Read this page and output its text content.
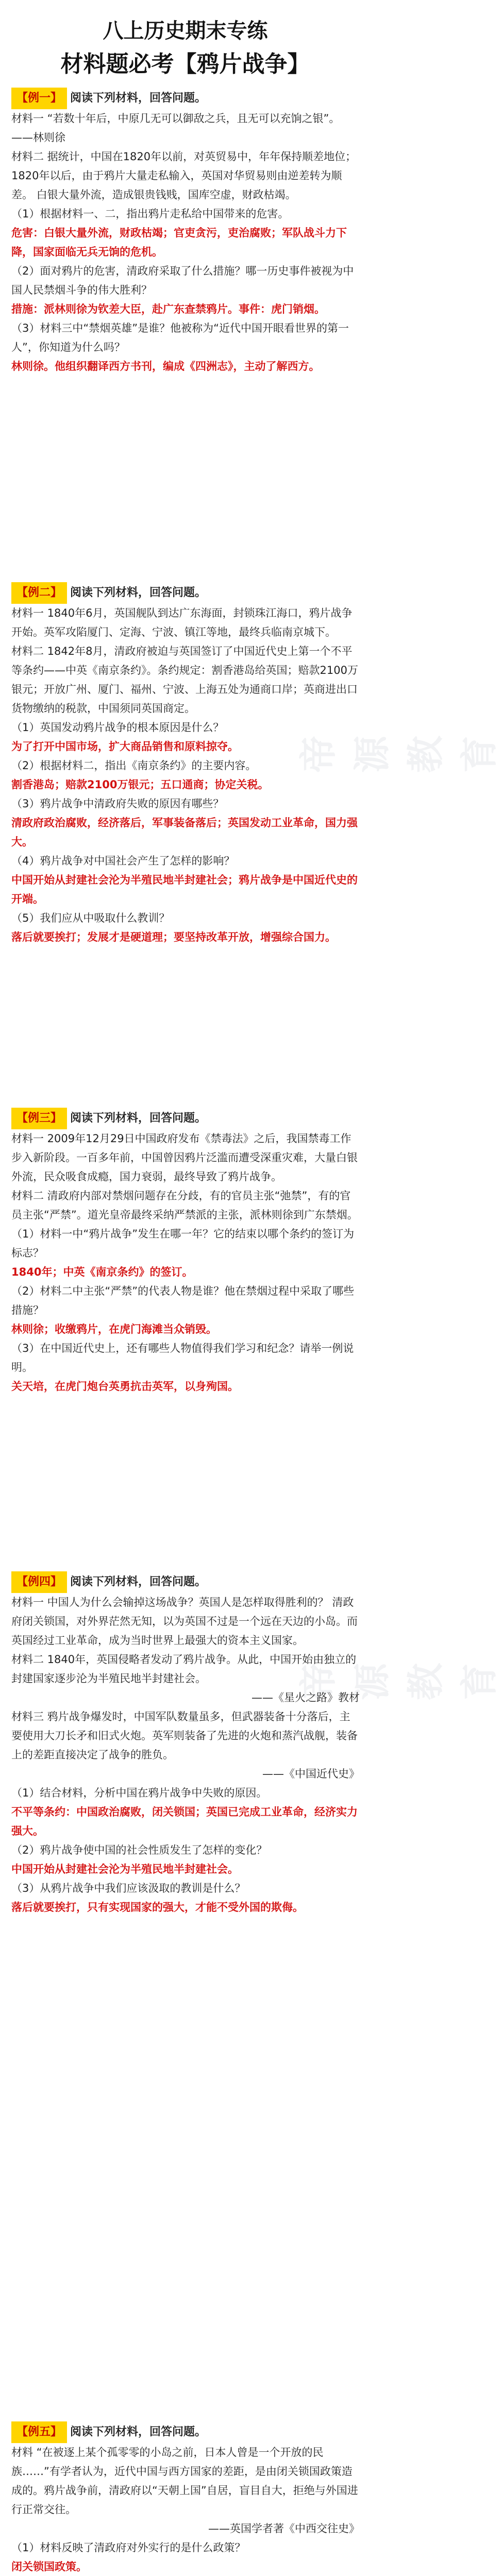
帝源教育
帝源教育
八上历史期末专练
材料题必考【鸦片战争】
【例一】 阅读下列材料，回答问题。

材料一 “若数十年后，中原几无可以御敌之兵，且无可以充饷之银”。 ——林则徐

材料二 据统计，中国在1820年以前，对英贸易中，年年保持顺差地位；1820年以后，由于鸦片大量走私输入，英国对华贸易则由逆差转为顺差。 白银大量外流，造成银贵钱贱，国库空虚，财政枯竭。

（1）根据材料一、二，指出鸦片走私给中国带来的危害。

危害：白银大量外流，财政枯竭；官吏贪污，吏治腐败；军队战斗力下降，国家面临无兵无饷的危机。

（2）面对鸦片的危害，清政府采取了什么措施？哪一历史事件被视为中国人民禁烟斗争的伟大胜利？

措施：派林则徐为钦差大臣，赴广东查禁鸦片。事件：虎门销烟。

（3）材料三中“禁烟英雄”是谁？他被称为“近代中国开眼看世界的第一人”，你知道为什么吗？

林则徐。他组织翻译西方书刊，编成《四洲志》，主动了解西方。

【例二】 阅读下列材料，回答问题。

材料一 1840年6月，英国舰队到达广东海面，封锁珠江海口，鸦片战争开始。英军攻陷厦门、定海、宁波、镇江等地，最终兵临南京城下。

材料二 1842年8月，清政府被迫与英国签订了中国近代史上第一个不平等条约——中英《南京条约》。条约规定：割香港岛给英国；赔款2100万银元；开放广州、厦门、福州、宁波、上海五处为通商口岸；英商进出口货物缴纳的税款，中国须同英国商定。

（1）英国发动鸦片战争的根本原因是什么？

为了打开中国市场，扩大商品销售和原料掠夺。

（2）根据材料二，指出《南京条约》的主要内容。

割香港岛；赔款2100万银元；五口通商；协定关税。

（3）鸦片战争中清政府失败的原因有哪些？

清政府政治腐败，经济落后，军事装备落后；英国发动工业革命，国力强大。

（4）鸦片战争对中国社会产生了怎样的影响？

中国开始从封建社会沦为半殖民地半封建社会；鸦片战争是中国近代史的开端。

（5）我们应从中吸取什么教训？

落后就要挨打；发展才是硬道理；要坚持改革开放，增强综合国力。

【例三】 阅读下列材料，回答问题。

材料一 2009年12月29日中国政府发布《禁毒法》之后，我国禁毒工作步入新阶段。一百多年前，中国曾因鸦片泛滥而遭受深重灾难，大量白银外流，民众吸食成瘾，国力衰弱，最终导致了鸦片战争。

材料二 清政府内部对禁烟问题存在分歧，有的官员主张“弛禁”，有的官员主张“严禁”。道光皇帝最终采纳严禁派的主张，派林则徐到广东禁烟。

（1）材料一中“鸦片战争”发生在哪一年？它的结束以哪个条约的签订为标志？

1840年；中英《南京条约》的签订。

（2）材料二中主张“严禁”的代表人物是谁？他在禁烟过程中采取了哪些措施？

林则徐；收缴鸦片，在虎门海滩当众销毁。

（3）在中国近代史上，还有哪些人物值得我们学习和纪念？请举一例说明。

关天培，在虎门炮台英勇抗击英军，以身殉国。

【例四】 阅读下列材料，回答问题。

材料一 中国人为什么会输掉这场战争？英国人是怎样取得胜利的？ 清政府闭关锁国，对外界茫然无知，以为英国不过是一个远在天边的小岛。而英国经过工业革命，成为当时世界上最强大的资本主义国家。

材料二 1840年，英国侵略者发动了鸦片战争。从此，中国开始由独立的封建国家逐步沦为半殖民地半封建社会。

——《星火之路》教材

材料三 鸦片战争爆发时，中国军队数量虽多，但武器装备十分落后，主要使用大刀长矛和旧式火炮。英军则装备了先进的火炮和蒸汽战舰，装备上的差距直接决定了战争的胜负。

——《中国近代史》

（1）结合材料，分析中国在鸦片战争中失败的原因。

不平等条约：中国政治腐败，闭关锁国；英国已完成工业革命，经济实力强大。

（2）鸦片战争使中国的社会性质发生了怎样的变化？

中国开始从封建社会沦为半殖民地半封建社会。

（3）从鸦片战争中我们应该汲取的教训是什么？

落后就要挨打，只有实现国家的强大，才能不受外国的欺侮。

【例五】 阅读下列材料，回答问题。

材料 “在被逐上某个孤零零的小岛之前，日本人曾是一个开放的民族……”有学者认为，近代中国与西方国家的差距，是由闭关锁国政策造成的。鸦片战争前，清政府以“天朝上国”自居，盲目自大，拒绝与外国进行正常交往。

——英国学者著《中西交往史》

（1）材料反映了清政府对外实行的是什么政策？

闭关锁国政策。
